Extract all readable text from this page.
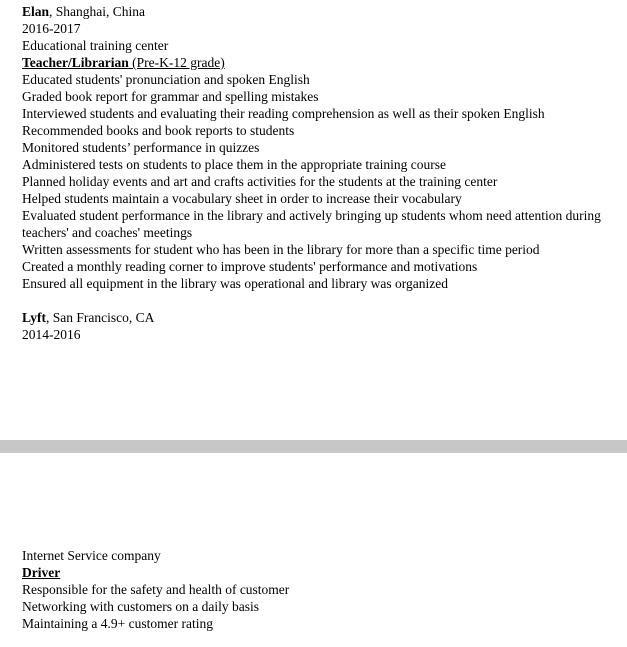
Elan, Shanghai, China
2016-2017
Educational training center
Teacher/Librarian (Pre-K-12 grade)
Educated students' pronunciation and spoken English
Graded book report for grammar and spelling mistakes
Interviewed students and evaluating their reading comprehension as well as their spoken English
Recommended books and book reports to students
Monitored students’ performance in quizzes
Administered tests on students to place them in the appropriate training course
Planned holiday events and art and crafts activities for the students at the training center
Helped students maintain a vocabulary sheet in order to increase their vocabulary
Evaluated student performance in the library and actively bringing up students whom need attention during teachers' and coaches' meetings
Written assessments for student who has been in the library for more than a specific time period
Created a monthly reading corner to improve students' performance and motivations
Ensured all equipment in the library was operational and library was organized
Lyft, San Francisco, CA
2014-2016
Internet Service company
Driver
Responsible for the safety and health of customer
Networking with customers on a daily basis
Maintaining a 4.9+ customer rating
